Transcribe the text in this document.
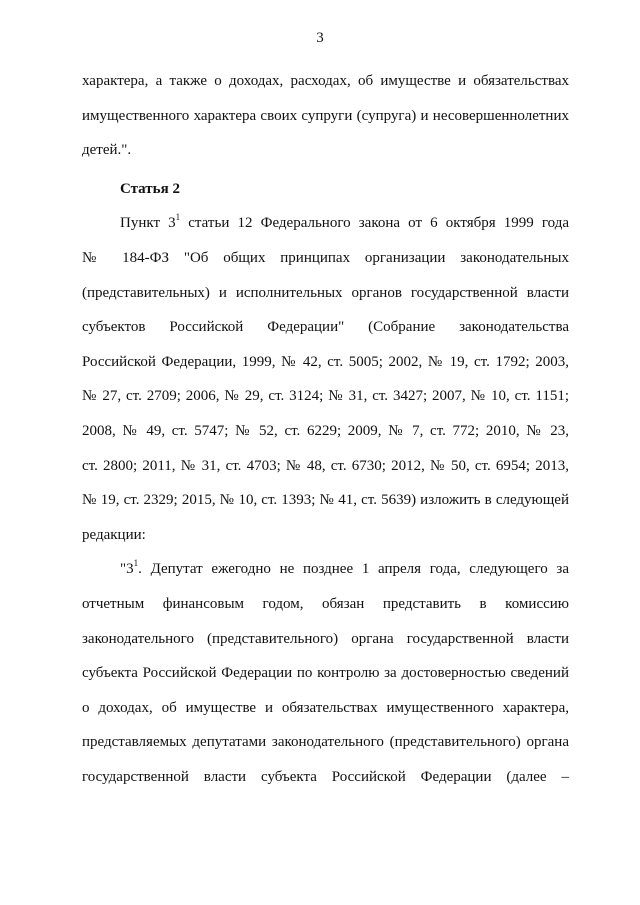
3
характера, а также о доходах, расходах, об имуществе и обязательствах
имущественного характера своих супруги (супруга) и несовершеннолетних
детей.".
Статья 2
Пункт $3^1$ статьи 12 Федерального закона от 6 октября 1999 года
№ 184-ФЗ "Об общих принципах организации законодательных
(представительных) и исполнительных органов государственной власти
субъектов Российской Федерации" (Собрание законодательства
Российской Федерации, 1999, № 42, ст. 5005; 2002, № 19, ст. 1792; 2003,
№ 27, ст. 2709; 2006, № 29, ст. 3124; № 31, ст. 3427; 2007, № 10, ст. 1151;
2008, № 49, ст. 5747; № 52, ст. 6229; 2009, № 7, ст. 772; 2010, № 23,
ст. 2800; 2011, № 31, ст. 4703; № 48, ст. 6730; 2012, № 50, ст. 6954; 2013,
№ 19, ст. 2329; 2015, № 10, ст. 1393; № 41, ст. 5639) изложить в следующей
редакции:
"$3^1$. Депутат ежегодно не позднее 1 апреля года, следующего за
отчетным финансовым годом, обязан представить в комиссию
законодательного (представительного) органа государственной власти
субъекта Российской Федерации по контролю за достоверностью сведений
о доходах, об имуществе и обязательствах имущественного характера,
представляемых депутатами законодательного (представительного) органа
государственной власти субъекта Российской Федерации (далее –
